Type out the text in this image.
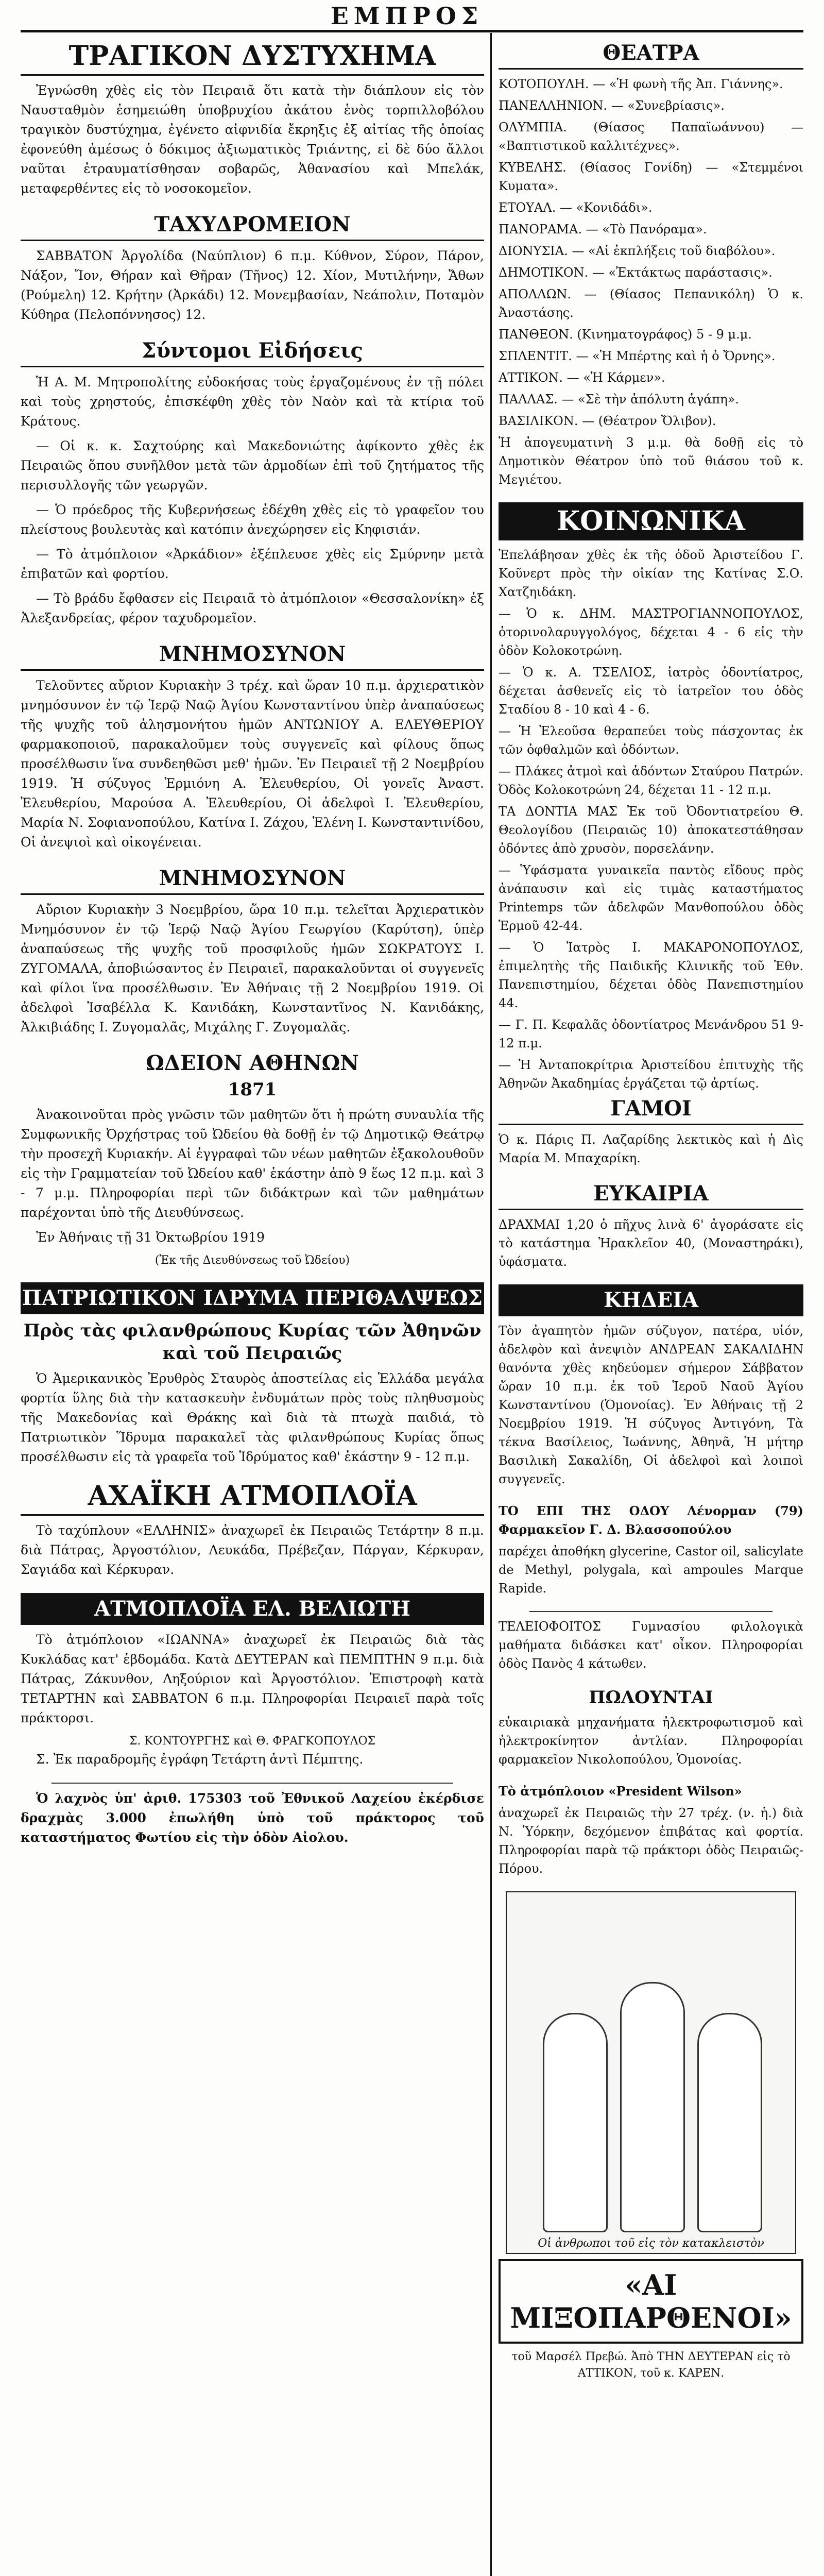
ΕΜΠΡΟΣ
ΤΡΑΓΙΚΟΝ ΔΥΣΤΥΧΗΜΑ

Ἐγνώσθη χθὲς εἰς τὸν Πειραιᾶ ὅτι κατὰ τὴν διάπλουν εἰς τὸν Ναυσταθμὸν ἐσημειώθη ὑποβρυχίου ἀκάτου ἑνὸς τορπιλλοβόλου τραγικὸν δυστύχημα, ἐγένετο αἰφνιδία ἔκρηξις ἐξ αἰτίας τῆς ὁποίας ἐφονεύθη ἀμέσως ὁ δόκιμος ἀξιωματικὸς Τριάντης, εἰ δὲ δύο ἄλλοι ναῦται ἐτραυματίσθησαν σοβαρῶς, Ἀθανασίου καὶ Μπελάκ, μεταφερθέντες εἰς τὸ νοσοκομεῖον.

ΤΑΧΥΔΡΟΜΕΙΟΝ

ΣΑΒΒΑΤΟΝ Ἀργολίδα (Ναύπλιον) 6 π.μ. Κύθνον, Σύρον, Πάρον, Νάξον, Ἴον, Θήραν καὶ Θῆραν (Τῆνος) 12. Χίον, Μυτιλήνην, Ἄθων (Ρούμελη) 12. Κρήτην (Ἀρκάδι) 12. Μονεμβασίαν, Νεάπολιν, Ποταμὸν Κύθηρα (Πελοπόννησος) 12.

Σύντομοι Εἰδήσεις

Ἡ Α. Μ. Μητροπολίτης εὐδοκήσας τοὺς ἐργαζομένους ἐν τῇ πόλει καὶ τοὺς χρηστούς, ἐπισκέφθη χθὲς τὸν Ναὸν καὶ τὰ κτίρια τοῦ Κράτους.

— Οἱ κ. κ. Σαχτούρης καὶ Μακεδονιώτης ἀφίκοντο χθὲς ἐκ Πειραιῶς ὅπου συνῆλθον μετὰ τῶν ἀρμοδίων ἐπὶ τοῦ ζητήματος τῆς περισυλλογῆς τῶν γεωργῶν.

— Ὁ πρόεδρος τῆς Κυβερνήσεως ἐδέχθη χθὲς εἰς τὸ γραφεῖον του πλείστους βουλευτὰς καὶ κατόπιν ἀνεχώρησεν εἰς Κηφισιάν.

— Τὸ ἀτμόπλοιον «Ἀρκάδιον» ἐξέπλευσε χθὲς εἰς Σμύρνην μετὰ ἐπιβατῶν καὶ φορτίου.

— Τὸ βράδυ ἔφθασεν εἰς Πειραιᾶ τὸ ἀτμόπλοιον «Θεσσαλονίκη» ἐξ Ἀλεξανδρείας, φέρον ταχυδρομεῖον.

ΜΝΗΜΟΣΥΝΟΝ

Τελοῦντες αὔριον Κυριακὴν 3 τρέχ. καὶ ὥραν 10 π.μ. ἀρχιερατικὸν μνημόσυνον ἐν τῷ Ἱερῷ Ναῷ Ἁγίου Κωνσταντίνου ὑπὲρ ἀναπαύσεως τῆς ψυχῆς τοῦ ἀλησμονήτου ἡμῶν ΑΝΤΩΝΙΟΥ Α. ΕΛΕΥΘΕΡΙΟΥ φαρμακοποιοῦ, παρακαλοῦμεν τοὺς συγγενεῖς καὶ φίλους ὅπως προσέλθωσιν ἵνα συνδεηθῶσι μεθ' ἡμῶν. Ἐν Πειραιεῖ τῇ 2 Νοεμβρίου 1919. Ἡ σύζυγος Ἑρμιόνη Α. Ἐλευθερίου, Οἱ γονεῖς Ἀναστ. Ἐλευθερίου, Μαρούσα Α. Ἐλευθερίου, Οἱ ἀδελφοὶ Ι. Ἐλευθερίου, Μαρία Ν. Σοφιανοπούλου, Κατίνα Ι. Ζάχου, Ἑλένη Ι. Κωνσταντινίδου, Οἱ ἀνεψιοὶ καὶ οἰκογένειαι.

ΜΝΗΜΟΣΥΝΟΝ

Αὔριον Κυριακὴν 3 Νοεμβρίου, ὥρα 10 π.μ. τελεῖται Ἀρχιερατικὸν Μνημόσυνον ἐν τῷ Ἱερῷ Ναῷ Ἁγίου Γεωργίου (Καρύτση), ὑπὲρ ἀναπαύσεως τῆς ψυχῆς τοῦ προσφιλοῦς ἡμῶν ΣΩΚΡΑΤΟΥΣ Ι. ΖΥΓΟΜΑΛΑ, ἀποβιώσαντος ἐν Πειραιεῖ, παρακαλοῦνται οἱ συγγενεῖς καὶ φίλοι ἵνα προσέλθωσιν. Ἐν Ἀθήναις τῇ 2 Νοεμβρίου 1919. Οἱ ἀδελφοὶ Ἰσαβέλλα Κ. Κανιδάκη, Κωνσταντῖνος Ν. Κανιδάκης, Ἀλκιβιάδης Ι. Ζυγομαλᾶς, Μιχάλης Γ. Ζυγομαλᾶς.

ΩΔΕΙΟΝ ΑΘΗΝΩΝ
1871

Ἀνακοινοῦται πρὸς γνῶσιν τῶν μαθητῶν ὅτι ἡ πρώτη συναυλία τῆς Συμφωνικῆς Ὀρχήστρας τοῦ Ὠδείου θὰ δοθῇ ἐν τῷ Δημοτικῷ Θεάτρῳ τὴν προσεχῆ Κυριακήν. Αἱ ἐγγραφαὶ τῶν νέων μαθητῶν ἐξακολουθοῦν εἰς τὴν Γραμματείαν τοῦ Ὠδείου καθ' ἑκάστην ἀπὸ 9 ἕως 12 π.μ. καὶ 3 - 7 μ.μ. Πληροφορίαι περὶ τῶν διδάκτρων καὶ τῶν μαθημάτων παρέχονται ὑπὸ τῆς Διευθύνσεως.

Ἐν Ἀθήναις τῇ 31 Ὀκτωβρίου 1919

(Ἐκ τῆς Διευθύνσεως τοῦ Ὠδείου)
ΠΑΤΡΙΩΤΙΚΟΝ ΙΔΡΥΜΑ ΠΕΡΙΘΑΛΨΕΩΣ
Πρὸς τὰς φιλανθρώπους Κυρίας τῶν Ἀθηνῶν καὶ τοῦ Πειραιῶς

Ὁ Ἀμερικανικὸς Ἐρυθρὸς Σταυρὸς ἀποστείλας εἰς Ἑλλάδα μεγάλα φορτία ὕλης διὰ τὴν κατασκευὴν ἐνδυμάτων πρὸς τοὺς πληθυσμοὺς τῆς Μακεδονίας καὶ Θράκης καὶ διὰ τὰ πτωχὰ παιδιά, τὸ Πατριωτικὸν Ἵδρυμα παρακαλεῖ τὰς φιλανθρώπους Κυρίας ὅπως προσέλθωσιν εἰς τὰ γραφεῖα τοῦ Ἱδρύματος καθ' ἑκάστην 9 - 12 π.μ.

ΑΧΑΪΚΗ ΑΤΜΟΠΛΟΪΑ

Τὸ ταχύπλουν «ΕΛΛΗΝΙΣ» ἀναχωρεῖ ἐκ Πειραιῶς Τετάρτην 8 π.μ. διὰ Πάτρας, Ἀργοστόλιον, Λευκάδα, Πρέβεζαν, Πάργαν, Κέρκυραν, Σαγιάδα καὶ Κέρκυραν.

ΑΤΜΟΠΛΟΪΑ ΕΛ. ΒΕΛΙΩΤΗ

Τὸ ἀτμόπλοιον «ΙΩΑΝΝΑ» ἀναχωρεῖ ἐκ Πειραιῶς διὰ τὰς Κυκλάδας κατ' ἑβδομάδα. Κατὰ ΔΕΥΤΕΡΑΝ καὶ ΠΕΜΠΤΗΝ 9 π.μ. διὰ Πάτρας, Ζάκυνθον, Ληξούριον καὶ Ἀργοστόλιον. Ἐπιστροφὴ κατὰ ΤΕΤΑΡΤΗΝ καὶ ΣΑΒΒΑΤΟΝ 6 π.μ. Πληροφορίαι Πειραιεῖ παρὰ τοῖς πράκτορσι.

Σ. ΚΟΝΤΟΥΡΓΗΣ καὶ Θ. ΦΡΑΓΚΟΠΟΥΛΟΣ

Σ. Ἐκ παραδρομῆς ἐγράφη Τετάρτη ἀντὶ Πέμπτης.

Ὁ λαχνὸς ὑπ' ἀριθ. 175303 τοῦ Ἐθνικοῦ Λαχείου ἐκέρδισε δραχμὰς 3.000 ἐπωλήθη ὑπὸ τοῦ πράκτορος τοῦ καταστήματος Φωτίου εἰς τὴν ὁδὸν Αἰολου.

ΘΕΑΤΡΑ
ΚΟΤΟΠΟΥΛΗ. — «Ἡ φωνὴ τῆς Ἀπ. Γιάννης».
ΠΑΝΕΛΛΗΝΙΟΝ. — «Συνεβρίασις».
ΟΛΥΜΠΙΑ. (Θίασος Παπαϊωάννου) — «Βαπτιστικοῦ καλλιτέχνες».
ΚΥΒΕΛΗΣ. (Θίασος Γονίδη) — «Στεμμένοι Κυματα».
ΕΤΟΥΑΛ. — «Κονιδάδι».
ΠΑΝΟΡΑΜΑ. — «Τὸ Πανόραμα».
ΔΙΟΝΥΣΙΑ. — «Αἱ ἐκπλήξεις τοῦ διαβόλου».
ΔΗΜΟΤΙΚΟΝ. — «Ἐκτάκτως παράστασις».
ΑΠΟΛΛΩΝ. — (Θίασος Πεπανικόλη) Ὁ κ. Ἀναστάσης.
ΠΑΝΘΕΟΝ. (Κινηματογράφος) 5 - 9 μ.μ.
ΣΠΛΕΝΤΙΤ. — «Ἡ Μπέρτης καὶ ἡ ὁ Ὄρνης».
ΑΤΤΙΚΟΝ. — «Ἡ Κάρμεν».
ΠΑΛΛΑΣ. — «Σὲ τὴν ἀπόλυτη ἀγάπη».
ΒΑΣΙΛΙΚΟΝ. — (Θέατρον Ὄλιβον).
Ἡ ἀπογευματινὴ 3 μ.μ. θὰ δοθῇ εἰς τὸ Δημοτικὸν Θέατρον ὑπὸ τοῦ θιάσου τοῦ κ. Μεγιέτου.
ΚΟΙΝΩΝΙΚΑ
Ἐπελάβησαν χθὲς ἐκ τῆς ὁδοῦ Ἀριστείδου Γ. Κοῦνερτ πρὸς τὴν οἰκίαν της Κατίνας Σ.Ο. Χατζηιδάκη.
— Ὁ κ. ΔΗΜ. ΜΑΣΤΡΟΓΙΑΝΝΟΠΟΥΛΟΣ, ὀτορινολαρυγγολόγος, δέχεται 4 - 6 εἰς τὴν ὁδὸν Κολοκοτρώνη.
— Ὁ κ. Α. ΤΣΕΛΙΟΣ, ἰατρὸς ὀδοντίατρος, δέχεται ἀσθενεῖς εἰς τὸ ἰατρεῖον του ὁδὸς Σταδίου 8 - 10 καὶ 4 - 6.
— Ἡ Ἐλεοῦσα θεραπεύει τοὺς πάσχοντας ἐκ τῶν ὀφθαλμῶν καὶ ὀδόντων.
— Πλάκες ἀτμοὶ καὶ ἀδόντων Σταύρου Πατρών. Ὀδὸς Κολοκοτρώνη 24, δέχεται 11 - 12 π.μ.
ΤΑ ΔΟΝΤΙΑ ΜΑΣ Ἐκ τοῦ Ὀδοντιατρείου Θ. Θεολογίδου (Πειραιῶς 10) ἀποκατεστάθησαν ὀδόντες ἀπὸ χρυσὸν, πορσελάνην.
— Ὑφάσματα γυναικεῖα παντὸς εἴδους πρὸς ἀνάπαυσιν καὶ εἰς τιμὰς καταστήματος Printemps τῶν ἀδελφῶν Μανθοπούλου ὁδὸς Ἑρμοῦ 42-44.
— Ὁ Ἰατρὸς Ι. ΜΑΚΑΡΟΝΟΠΟΥΛΟΣ, ἐπιμελητὴς τῆς Παιδικῆς Κλινικῆς τοῦ Ἐθν. Πανεπιστημίου, δέχεται ὁδὸς Πανεπιστημίου 44.
— Γ. Π. Κεφαλᾶς ὀδοντίατρος Μενάνδρου 51 9-12 π.μ.
— Ἡ Ἀνταποκρίτρια Ἀριστείδου ἐπιτυχὴς τῆς Ἀθηνῶν Ἀκαδημίας ἐργάζεται τῷ ἀρτίως.
ΓΑΜΟΙ
Ὁ κ. Πάρις Π. Λαζαρίδης λεκτικὸς καὶ ἡ Δὶς Μαρία Μ. Μπαχαρίκη.
ΕΥΚΑΙΡΙΑ
ΔΡΑΧΜΑΙ 1,20 ὁ πῆχυς λινὰ 6' ἀγοράσατε εἰς τὸ κατάστημα Ἡρακλεῖον 40, (Μοναστηράκι), ὑφάσματα.
ΚΗΔΕΙΑ
Τὸν ἀγαπητὸν ἡμῶν σύζυγον, πατέρα, υἱόν, ἀδελφὸν καὶ ἀνεψιὸν ΑΝΔΡΕΑΝ ΣΑΚΑΛΙΔΗΝ θανόντα χθὲς κηδεύομεν σήμερον Σάββατον ὥραν 10 π.μ. ἐκ τοῦ Ἱεροῦ Ναοῦ Ἁγίου Κωνσταντίνου (Ὁμονοίας). Ἐν Ἀθήναις τῇ 2 Νοεμβρίου 1919. Ἡ σύζυγος Ἀντιγόνη, Τὰ τέκνα Βασίλειος, Ἰωάννης, Ἀθηνᾶ, Ἡ μήτηρ Βασιλικὴ Σακαλίδη, Οἱ ἀδελφοὶ καὶ λοιποὶ συγγενεῖς.
ΤΟ ΕΠΙ ΤΗΣ ΟΔΟΥ Λένορμαν (79) Φαρμακεῖον Γ. Δ. Βλασσοπούλου
παρέχει ἀποθήκη glycerine, Castor oil, salicylate de Methyl, polygala, καὶ ampoules Marque Rapide.
ΤΕΛΕΙΟΦΟΙΤΟΣ Γυμνασίου φιλολογικὰ μαθήματα διδάσκει κατ' οἶκον. Πληροφορίαι ὁδὸς Πανὸς 4 κάτωθεν.
ΠΩΛΟΥΝΤΑΙ
εὐκαιριακὰ μηχανήματα ἠλεκτροφωτισμοῦ καὶ ἠλεκτροκίνητον ἀντλίαν. Πληροφορίαι φαρμακεῖον Νικολοπούλου, Ὁμονοίας.
Τὸ ἀτμόπλοιον «President Wilson»
ἀναχωρεῖ ἐκ Πειραιῶς τὴν 27 τρέχ. (ν. ἡ.) διὰ Ν. Ὑόρκην, δεχόμενον ἐπιβάτας καὶ φορτία. Πληροφορίαι παρὰ τῷ πράκτορι ὁδὸς Πειραιῶς-Πόρου.
Οἱ ἀνθρωποι τοῦ εἰς τὸν κατακλειστὸν
«ΑΙ ΜΙΞΟΠΑΡΘΕΝΟΙ»
τοῦ Μαρσέλ Πρεβώ. Ἀπὸ ΤΗΝ ΔΕΥΤΕΡΑΝ εἰς τὸ ΑΤΤΙΚΟΝ, τοῦ κ. ΚΑΡΕΝ.
